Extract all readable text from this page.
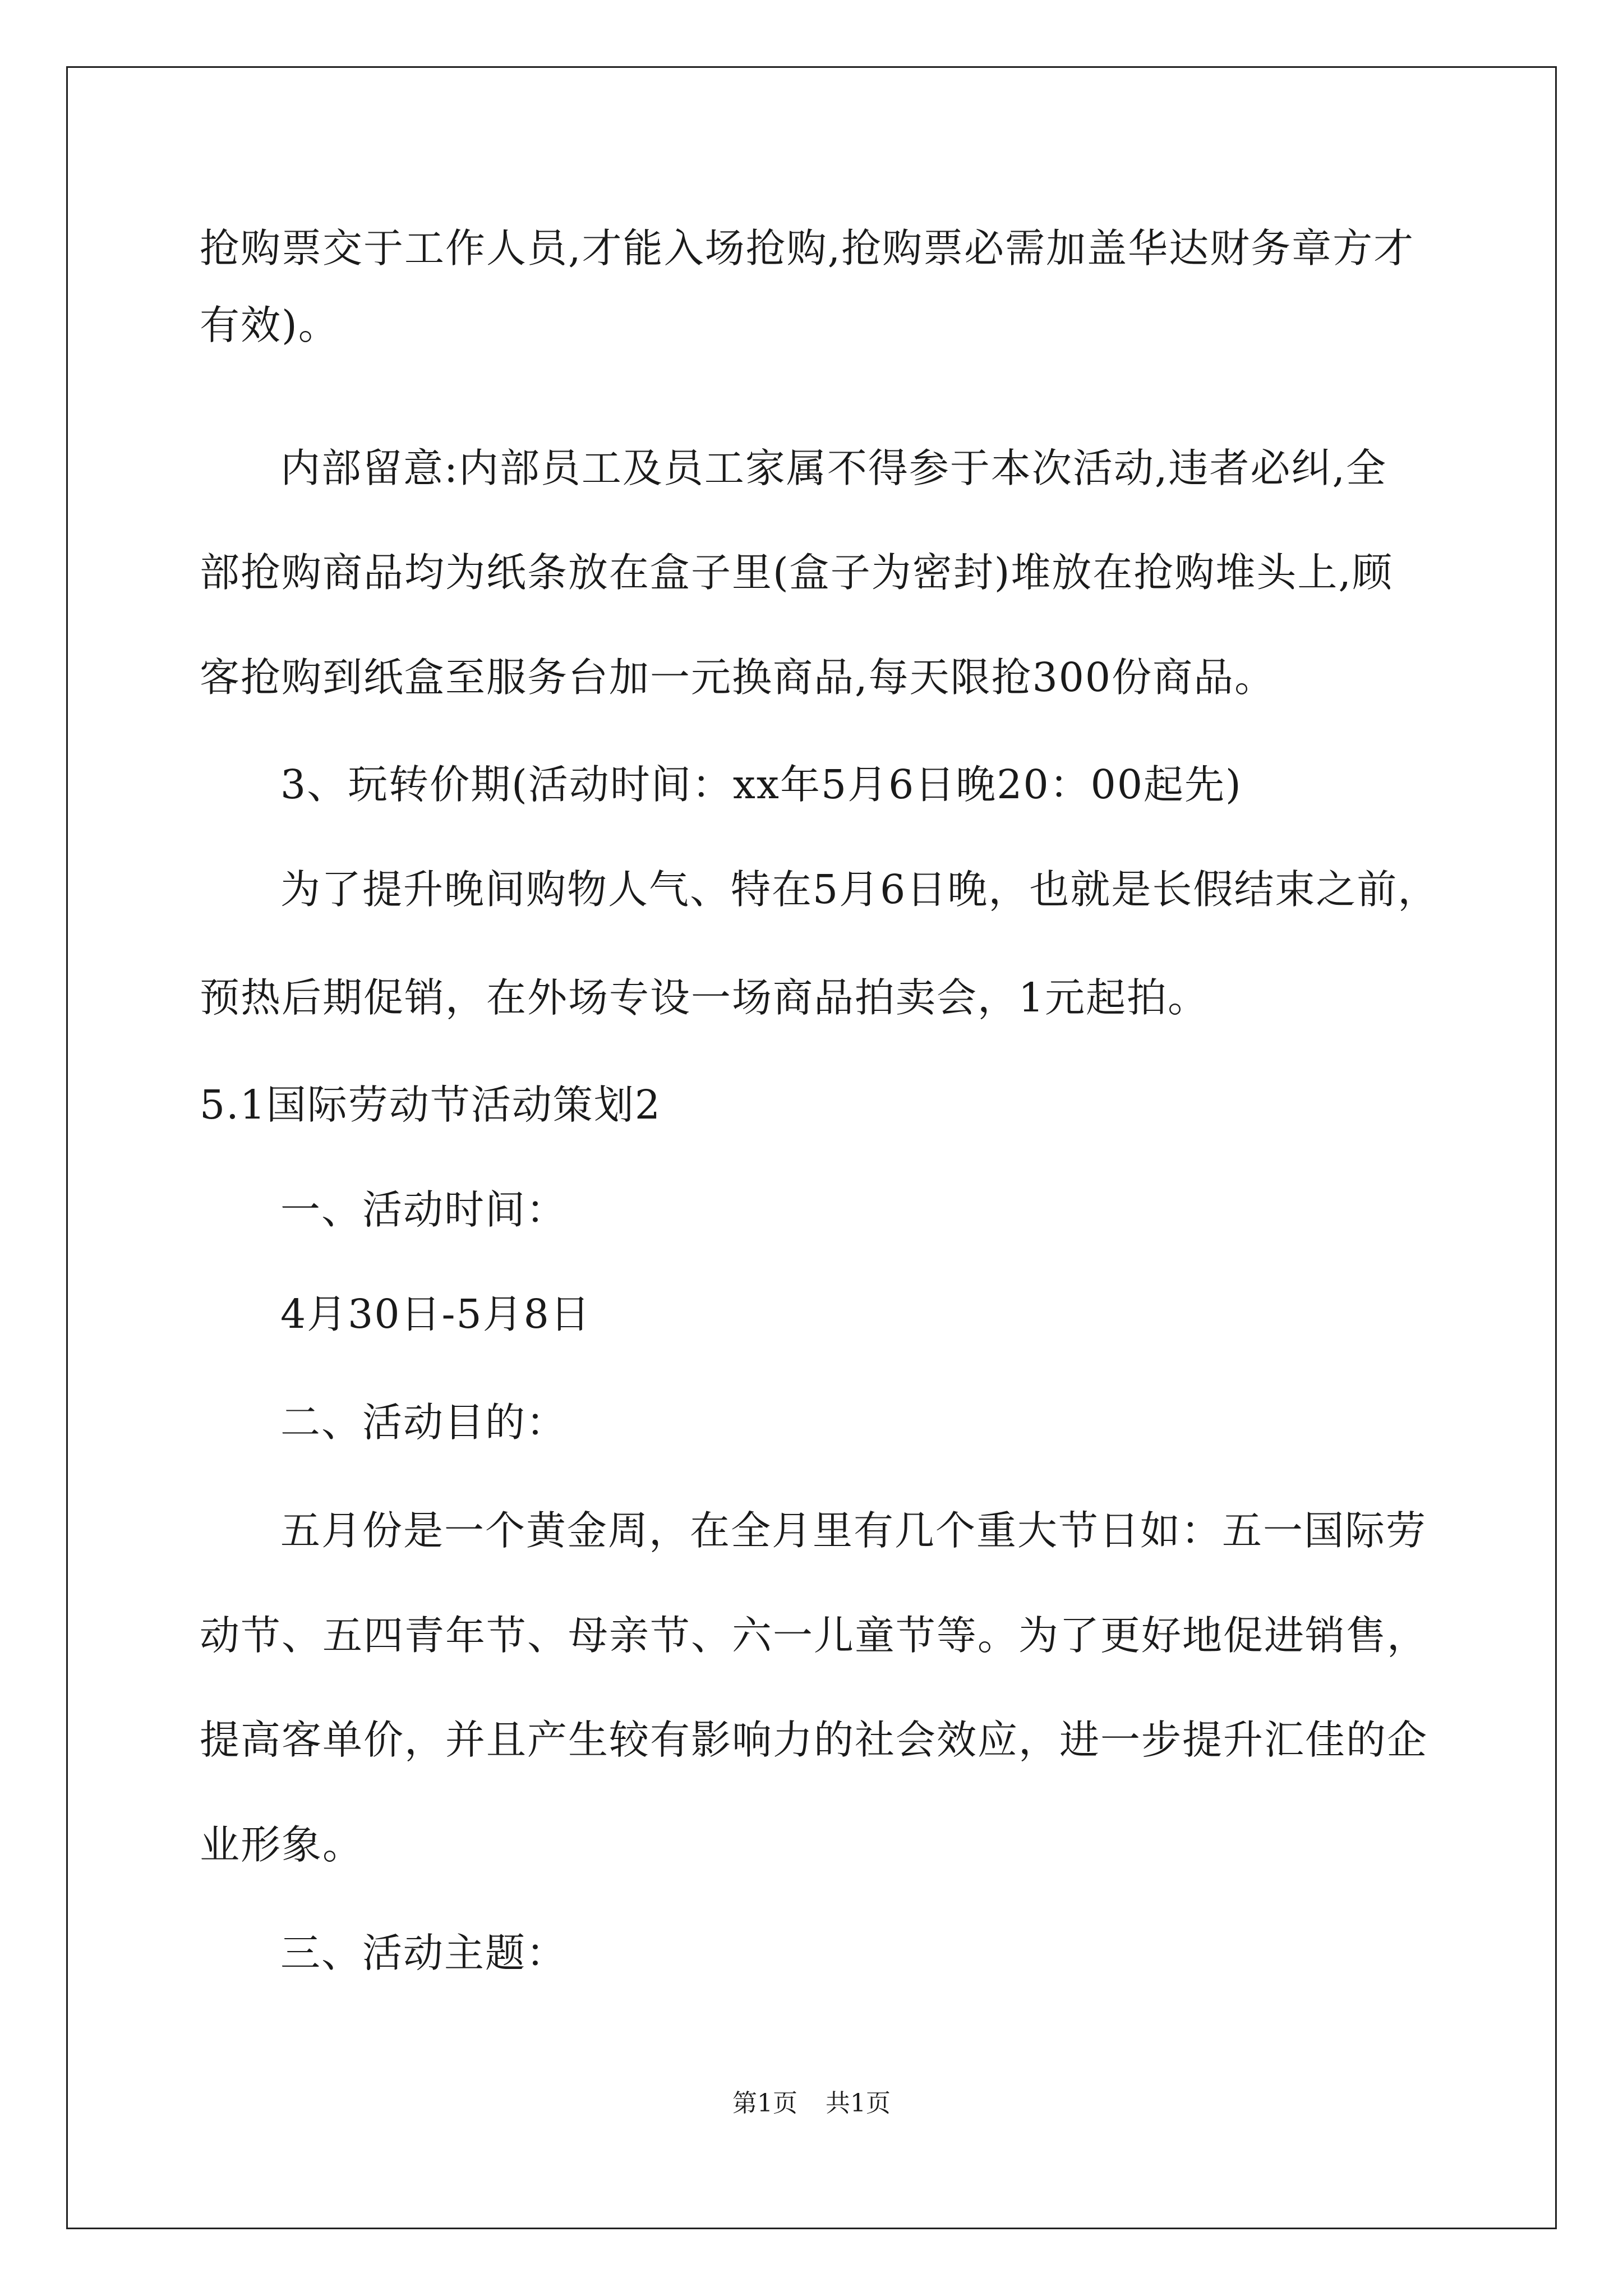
抢购票交于工作人员,才能入场抢购,抢购票必需加盖华达财务章方才
有效)。
内部留意:内部员工及员工家属不得参于本次活动,违者必纠,全
部抢购商品均为纸条放在盒子里(盒子为密封)堆放在抢购堆头上,顾
客抢购到纸盒至服务台加一元换商品,每天限抢300份商品。
3、玩转价期(活动时间：xx年5月6日晚20：00起先)
为了提升晚间购物人气、特在5月6日晚，也就是长假结束之前，
预热后期促销，在外场专设一场商品拍卖会，1元起拍。
5.1国际劳动节活动策划2
一、活动时间：
4月30日-5月8日
二、活动目的：
五月份是一个黄金周，在全月里有几个重大节日如：五一国际劳
动节、五四青年节、母亲节、六一儿童节等。为了更好地促进销售，
提高客单价，并且产生较有影响力的社会效应，进一步提升汇佳的企
业形象。
三、活动主题：
第1页 共1页
